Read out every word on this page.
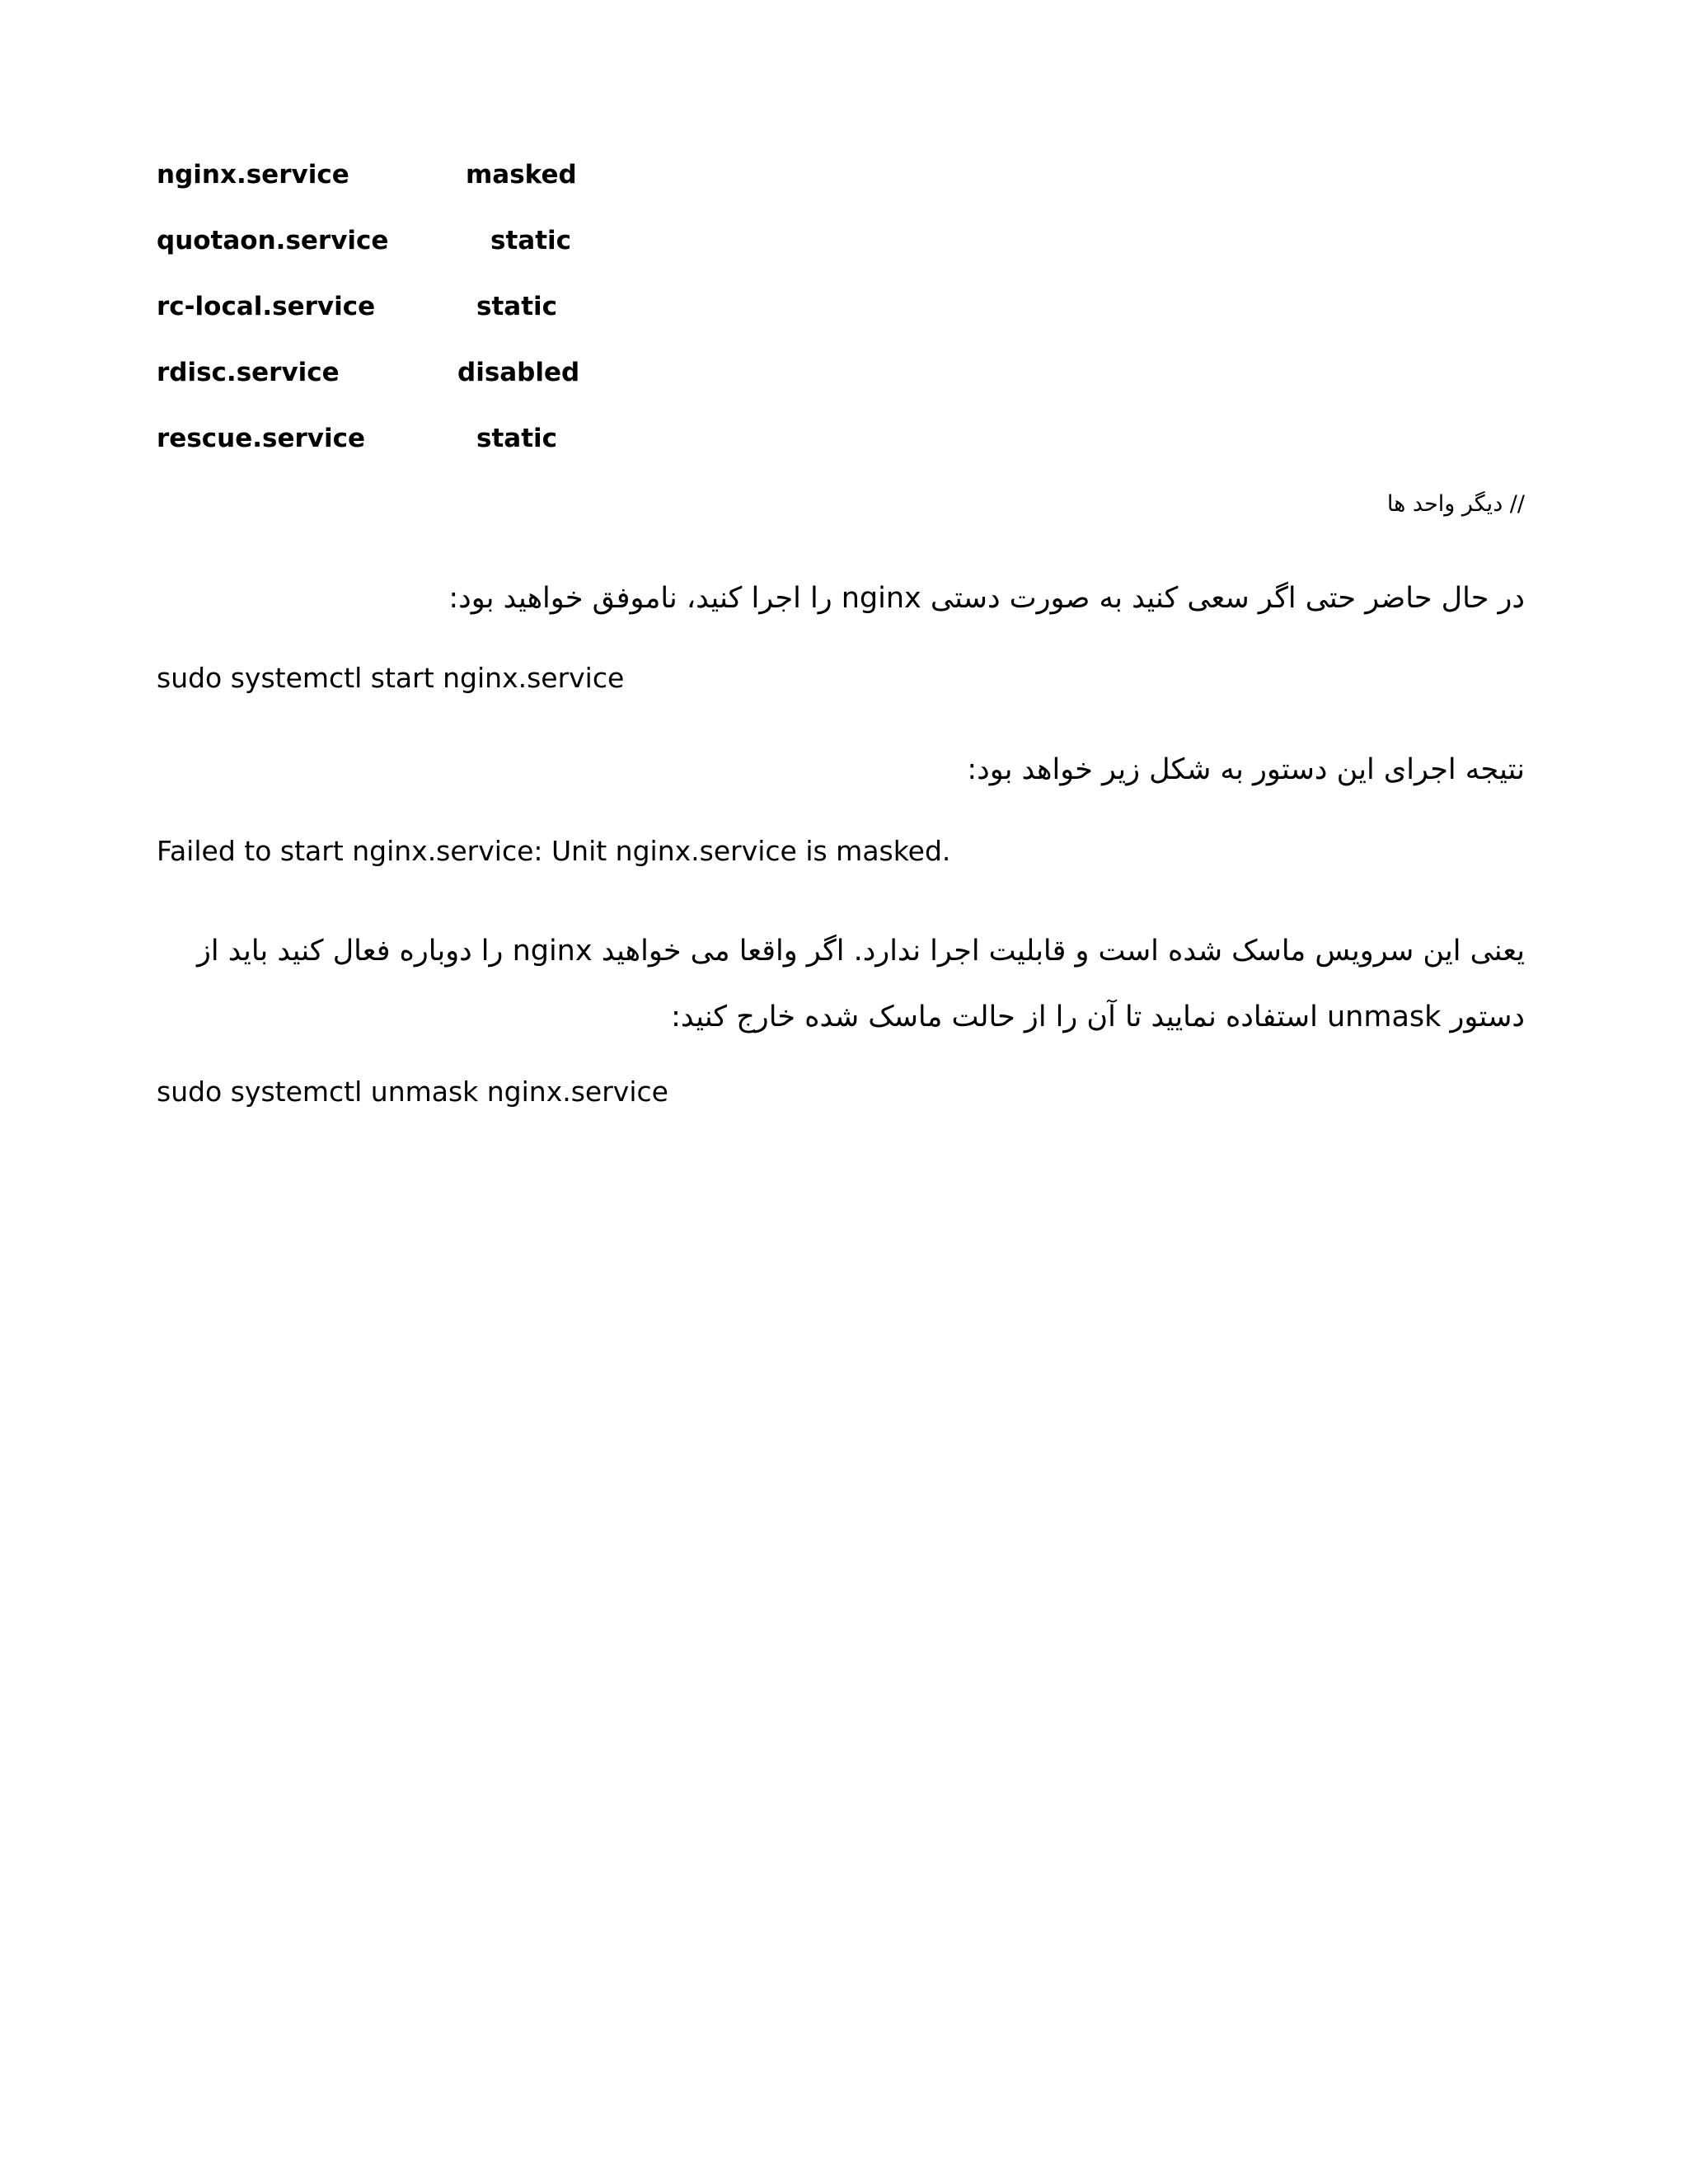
nginx.service	masked
quotaon.service	static
rc-local.service	static
rdisc.service	disabled
rescue.service	static
// دیگر واحد ها
در حال حاضر حتی اگر سعی کنید به صورت دستی nginx را اجرا کنید، ناموفق خواهید بود:
sudo systemctl start nginx.service
نتیجه اجرای این دستور به شکل زیر خواهد بود:
Failed to start nginx.service: Unit nginx.service is masked.
یعنی این سرویس ماسک شده است و قابلیت اجرا ندارد. اگر واقعا می خواهید nginx را دوباره فعال کنید باید از
دستور unmask استفاده نمایید تا آن را از حالت ماسک شده خارج کنید:
sudo systemctl unmask nginx.service
